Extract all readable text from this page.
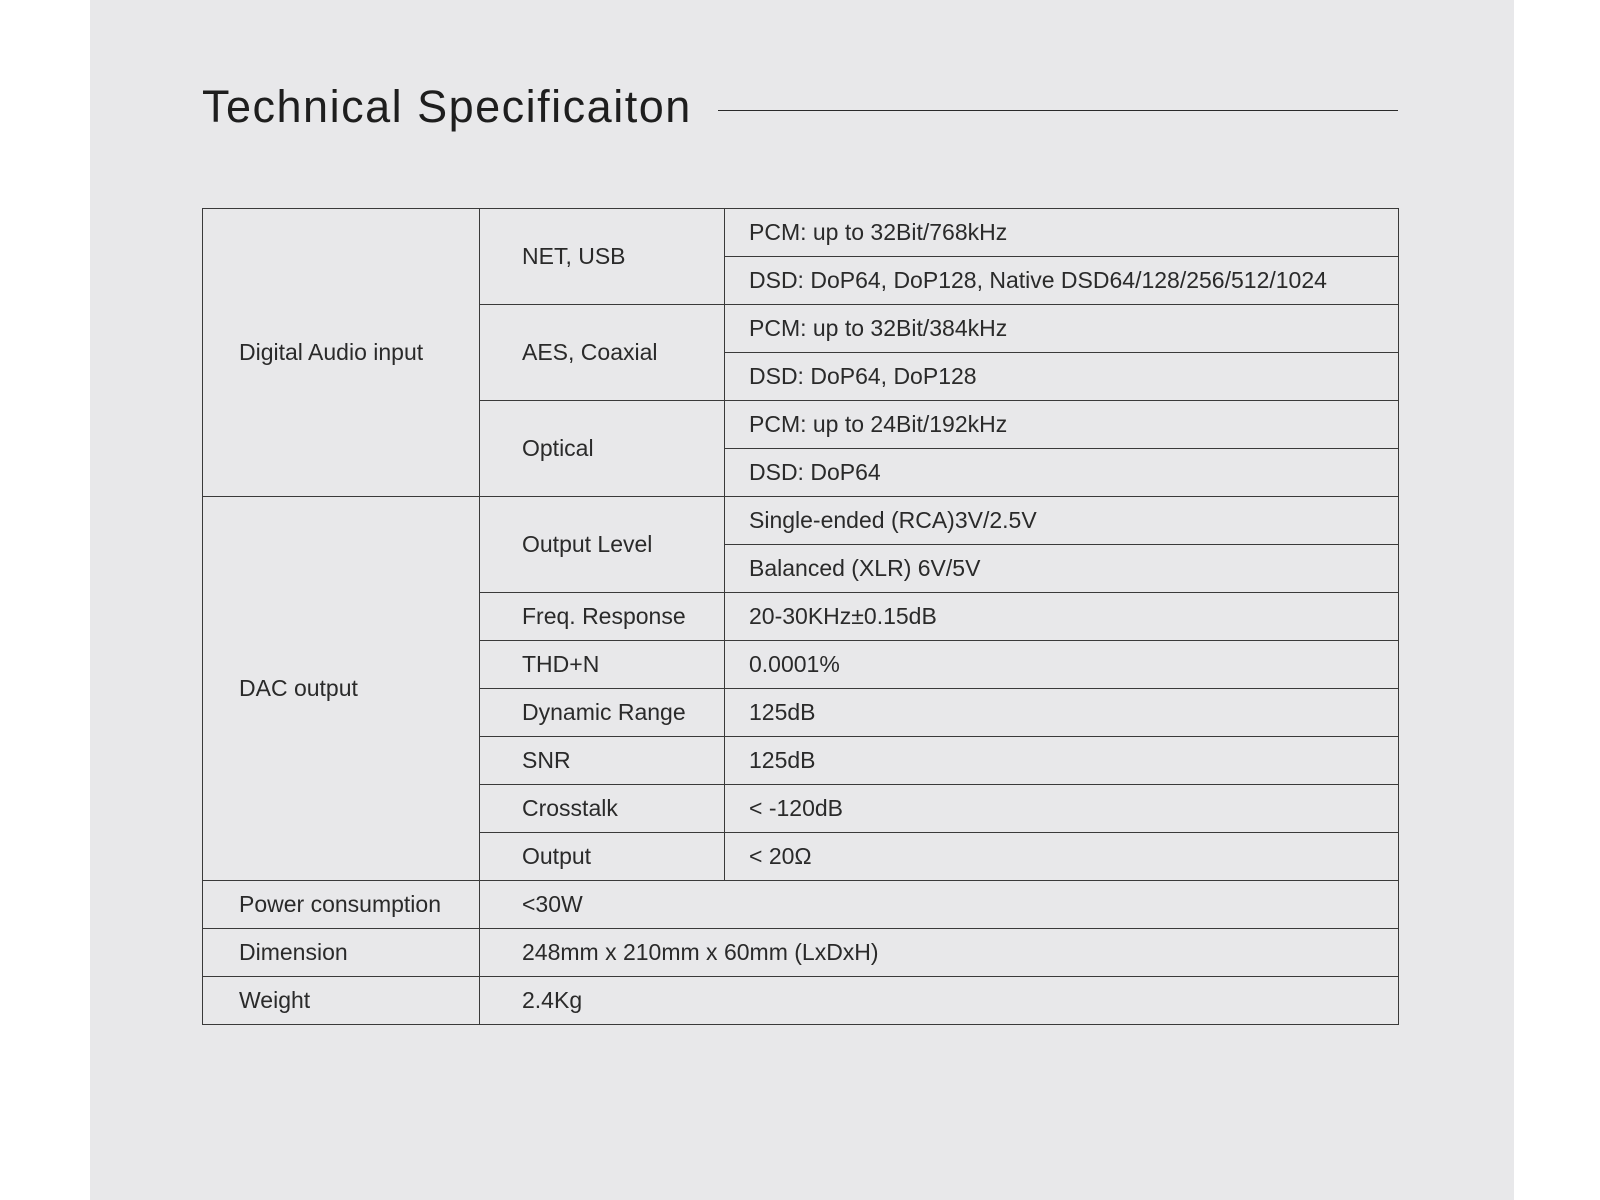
Technical Specificaiton
Digital Audio input	NET, USB	PCM: up to 32Bit/768kHz
		DSD: DoP64, DoP128, Native DSD64/128/256/512/1024
	AES, Coaxial	PCM: up to 32Bit/384kHz
		DSD: DoP64, DoP128
	Optical	PCM: up to 24Bit/192kHz
		DSD: DoP64
DAC output	Output Level	Single-ended (RCA)3V/2.5V
		Balanced (XLR) 6V/5V
	Freq. Response	20-30KHz±0.15dB
	THD+N	0.0001%
	Dynamic Range	125dB
	SNR	125dB
	Crosstalk	< -120dB
	Output	< 20Ω
Power consumption	<30W	
Dimension	248mm x 210mm x 60mm (LxDxH)	
Weight	2.4Kg	
